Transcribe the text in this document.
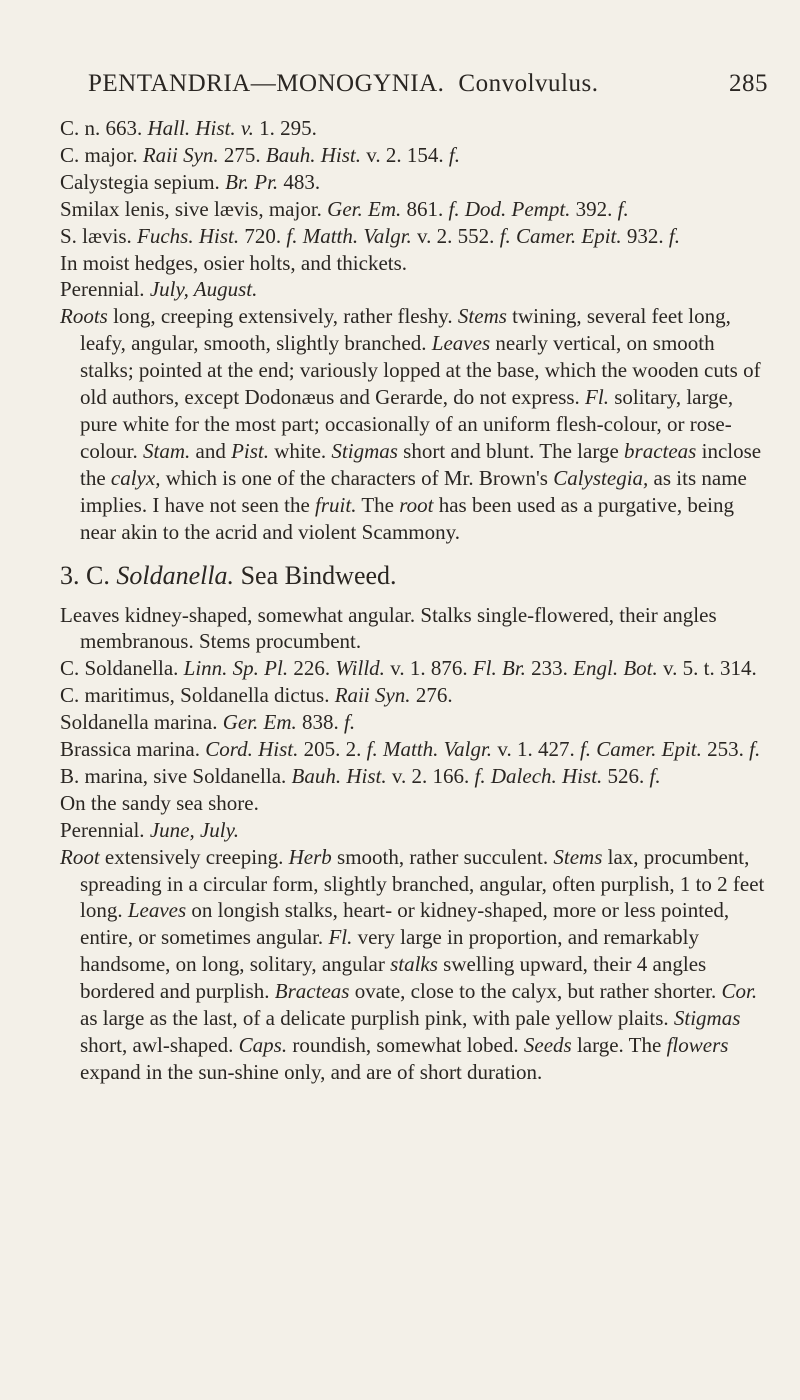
PENTANDRIA—MONOGYNIA. Convolvulus.	285

C. n. 663. Hall. Hist. v. 1. 295.

C. major. Raii Syn. 275. Bauh. Hist. v. 2. 154. f.

Calystegia sepium. Br. Pr. 483.

Smilax lenis, sive lævis, major. Ger. Em. 861. f. Dod. Pempt. 392. f.

S. lævis. Fuchs. Hist. 720. f. Matth. Valgr. v. 2. 552. f. Camer. Epit. 932. f.

In moist hedges, osier holts, and thickets.

Perennial. July, August.

Roots long, creeping extensively, rather fleshy. Stems twining, several feet long, leafy, angular, smooth, slightly branched. Leaves nearly vertical, on smooth stalks; pointed at the end; variously lopped at the base, which the wooden cuts of old authors, except Dodonæus and Gerarde, do not express. Fl. solitary, large, pure white for the most part; occasionally of an uniform flesh-colour, or rose-colour. Stam. and Pist. white. Stigmas short and blunt. The large bracteas inclose the calyx, which is one of the characters of Mr. Brown's Calystegia, as its name implies. I have not seen the fruit. The root has been used as a purgative, being near akin to the acrid and violent Scammony.

3. C. Soldanella. Sea Bindweed.

Leaves kidney-shaped, somewhat angular. Stalks single-flowered, their angles membranous. Stems procumbent.

C. Soldanella. Linn. Sp. Pl. 226. Willd. v. 1. 876. Fl. Br. 233. Engl. Bot. v. 5. t. 314.

C. maritimus, Soldanella dictus. Raii Syn. 276.

Soldanella marina. Ger. Em. 838. f.

Brassica marina. Cord. Hist. 205. 2. f. Matth. Valgr. v. 1. 427. f. Camer. Epit. 253. f.

B. marina, sive Soldanella. Bauh. Hist. v. 2. 166. f. Dalech. Hist. 526. f.

On the sandy sea shore.

Perennial. June, July.

Root extensively creeping. Herb smooth, rather succulent. Stems lax, procumbent, spreading in a circular form, slightly branched, angular, often purplish, 1 to 2 feet long. Leaves on longish stalks, heart- or kidney-shaped, more or less pointed, entire, or sometimes angular. Fl. very large in proportion, and remarkably handsome, on long, solitary, angular stalks swelling upward, their 4 angles bordered and purplish. Bracteas ovate, close to the calyx, but rather shorter. Cor. as large as the last, of a delicate purplish pink, with pale yellow plaits. Stigmas short, awl-shaped. Caps. roundish, somewhat lobed. Seeds large. The flowers expand in the sun-shine only, and are of short duration.
